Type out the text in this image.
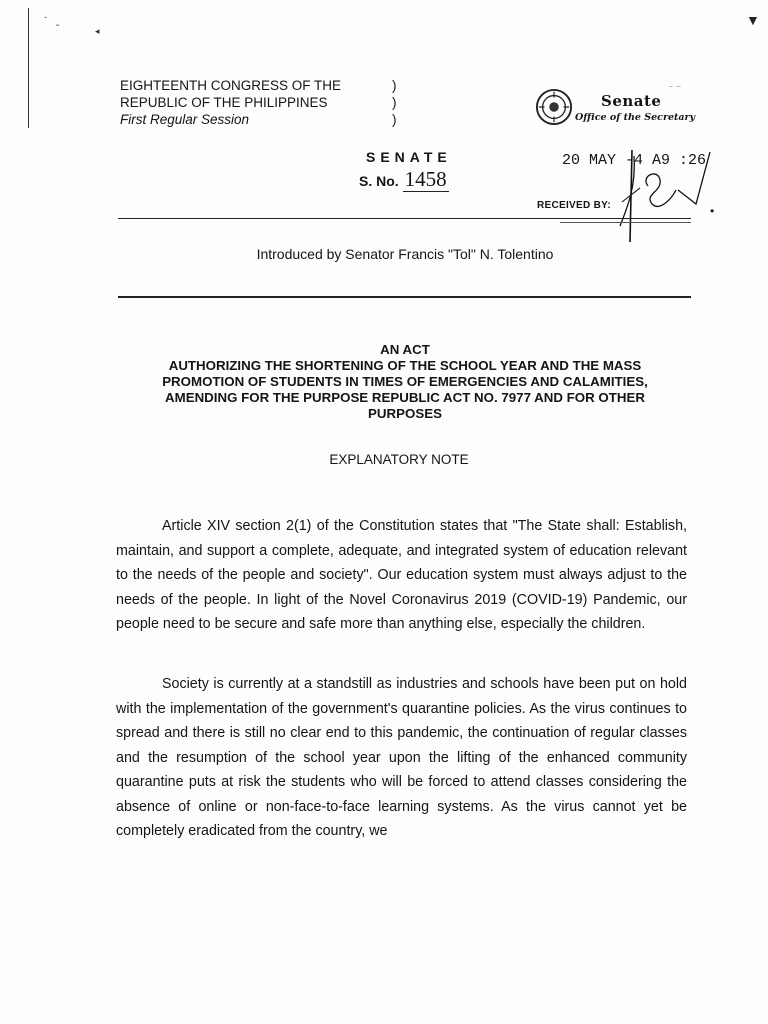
-
ᵕ
◂
▼
EIGHTEENTH CONGRESS OF THE
REPUBLIC OF THE PHILIPPINES
First Regular Session
)
)
)
Senate
Office of the Secretary
⁻ ⁻
SENATE
S. No. 1458
20 MAY -4 A9 :26
RECEIVED BY:	•
Introduced by Senator Francis "Tol" N. Tolentino
AN ACT
AUTHORIZING THE SHORTENING OF THE SCHOOL YEAR AND THE MASS
PROMOTION OF STUDENTS IN TIMES OF EMERGENCIES AND CALAMITIES,
AMENDING FOR THE PURPOSE REPUBLIC ACT NO. 7977 AND FOR OTHER
PURPOSES
EXPLANATORY NOTE
Article XIV section 2(1) of the Constitution states that "The State shall: Establish, maintain, and support a complete, adequate, and integrated system of education relevant to the needs of the people and society". Our education system must always adjust to the needs of the people. In light of the Novel Coronavirus 2019 (COVID-19) Pandemic, our people need to be secure and safe more than anything else, especially the children.
Society is currently at a standstill as industries and schools have been put on hold with the implementation of the government's quarantine policies. As the virus continues to spread and there is still no clear end to this pandemic, the continuation of regular classes and the resumption of the school year upon the lifting of the enhanced community quarantine puts at risk the students who will be forced to attend classes considering the absence of online or non-face-to-face learning systems. As the virus cannot yet be completely eradicated from the country, we
